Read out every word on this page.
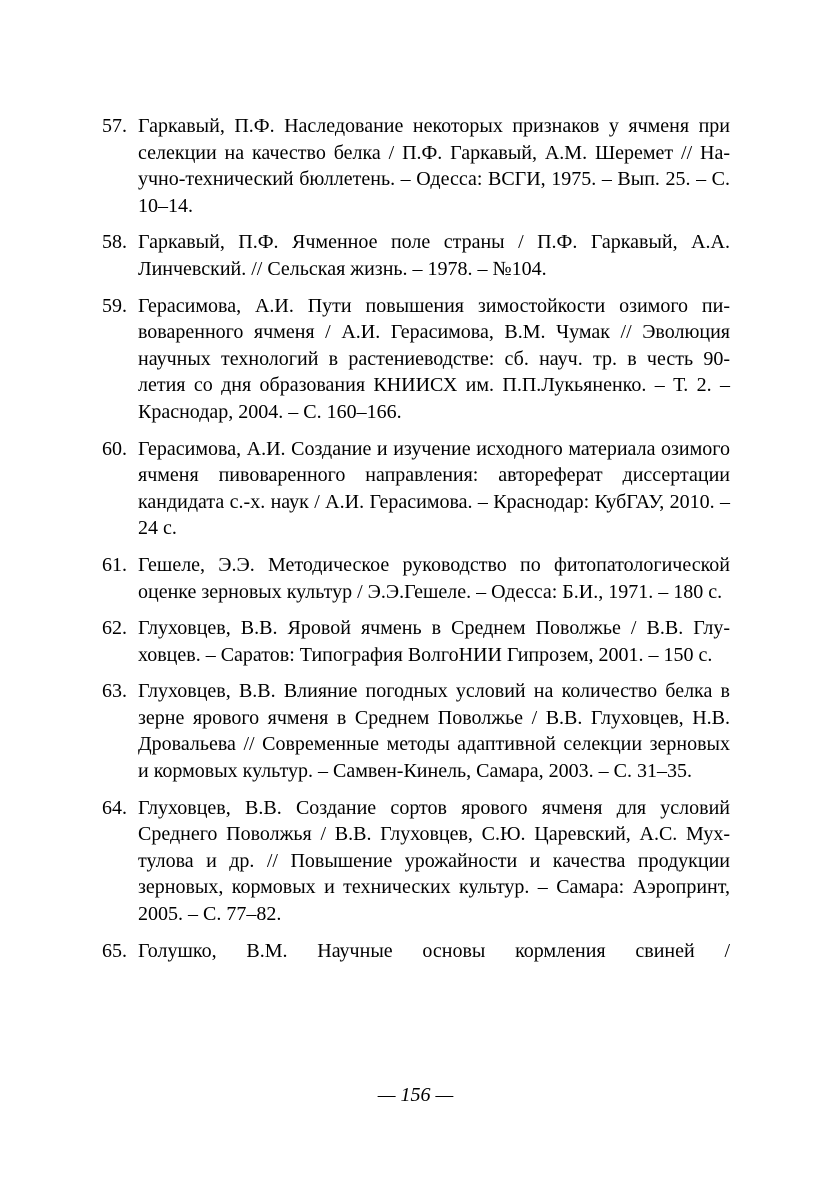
57. Гаркавый, П.Ф. Наследование некоторых признаков у ячменя при селекции на качество белка / П.Ф. Гаркавый, А.М. Шеремет // Научно-технический бюллетень. – Одесса: ВСГИ, 1975. – Вып. 25. – С. 10–14.
58. Гаркавый, П.Ф. Ячменное поле страны / П.Ф. Гаркавый, А.А. Линчевский. // Сельская жизнь. – 1978. – №104.
59. Герасимова, А.И. Пути повышения зимостойкости озимого пивоваренного ячменя / А.И. Герасимова, В.М. Чумак // Эволюция научных технологий в растениеводстве: сб. науч. тр. в честь 90-летия со дня образования КНИИСХ им. П.П.Лукьяненко. – Т. 2. – Краснодар, 2004. – С. 160–166.
60. Герасимова, А.И. Создание и изучение исходного материала озимого ячменя пивоваренного направления: автореферат диссертации кандидата с.-х. наук / А.И. Герасимова. – Краснодар: КубГАУ, 2010. – 24 с.
61. Гешеле, Э.Э. Методическое руководство по фитопатологической оценке зерновых культур / Э.Э.Гешеле. – Одесса: Б.И., 1971. – 180 с.
62. Глуховцев, В.В. Яровой ячмень в Среднем Поволжье / В.В. Глуховцев. – Саратов: Типография ВолгоНИИ Гипрозем, 2001. – 150 с.
63. Глуховцев, В.В. Влияние погодных условий на количество белка в зерне ярового ячменя в Среднем Поволжье / В.В. Глуховцев, Н.В. Дровальева // Современные методы адаптивной селекции зерновых и кормовых культур. – Самвен-Кинель, Самара, 2003. – С. 31–35.
64. Глуховцев, В.В. Создание сортов ярового ячменя для условий Среднего Поволжья / В.В. Глуховцев, С.Ю. Царевский, А.С. Мухтулова и др. // Повышение урожайности и качества продукции зерновых, кормовых и технических культур. – Самара: Аэропринт, 2005. – С. 77–82.
65. Голушко, В.М. Научные основы кормления свиней /
— 156 —
